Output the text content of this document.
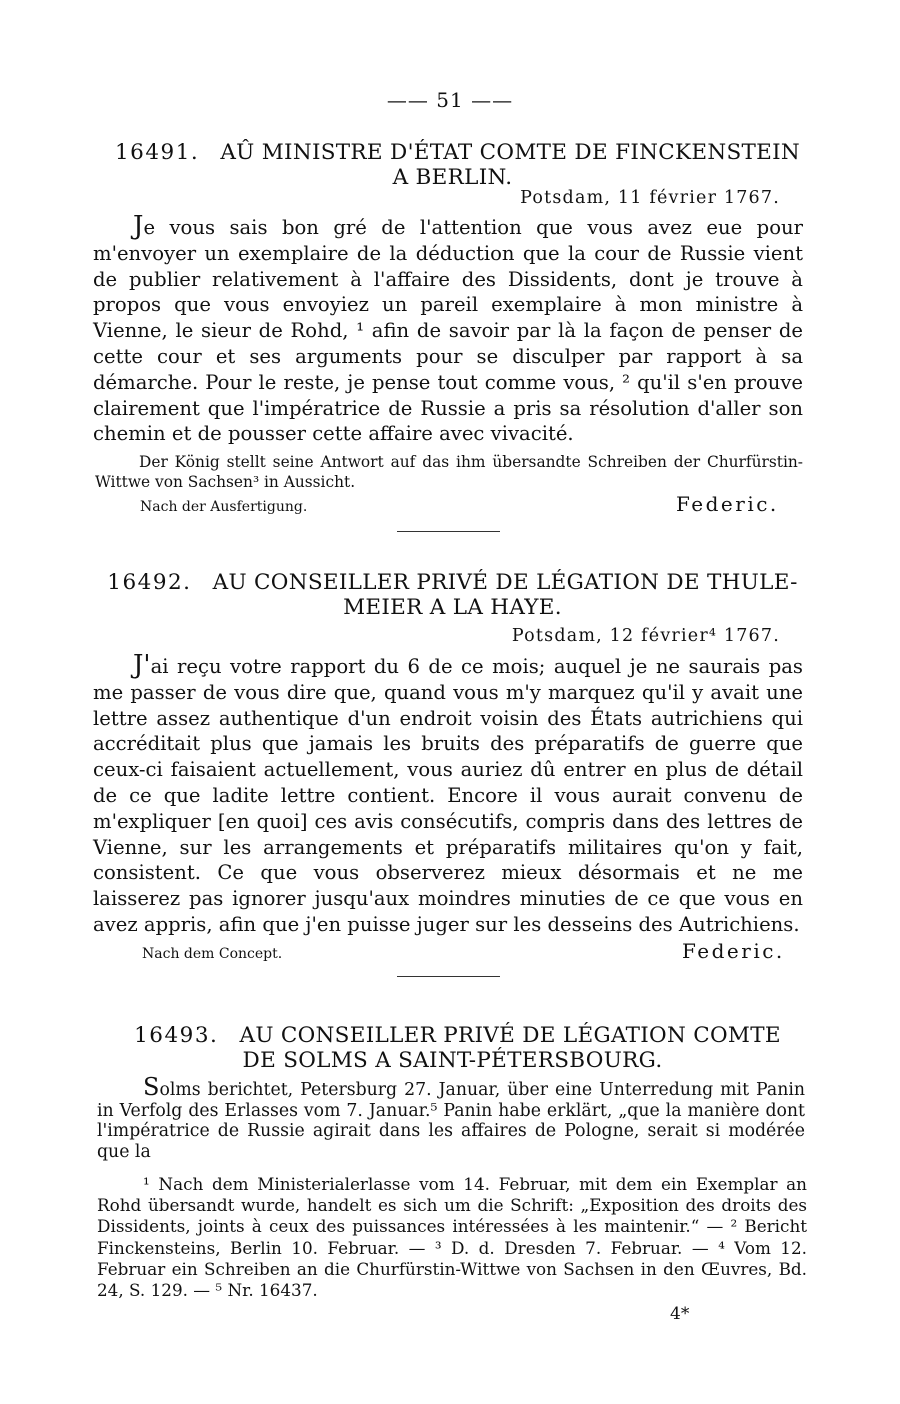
—— 51 ——
16491. AÛ MINISTRE D'ÉTAT COMTE DE FINCKENSTEIN
A BERLIN.
Potsdam, 11 février 1767.
Je vous sais bon gré de l'attention que vous avez eue pour m'envoyer un exemplaire de la déduction que la cour de Russie vient de publier relativement à l'affaire des Dissidents, dont je trouve à propos que vous envoyiez un pareil exemplaire à mon ministre à Vienne, le sieur de Rohd, ¹ afin de savoir par là la façon de penser de cette cour et ses arguments pour se disculper par rapport à sa démarche. Pour le reste, je pense tout comme vous, ² qu'il s'en prouve clairement que l'impératrice de Russie a pris sa résolution d'aller son chemin et de pousser cette affaire avec vivacité.
Der König stellt seine Antwort auf das ihm übersandte Schreiben der Churfürstin-Wittwe von Sachsen³ in Aussicht.
Nach der Ausfertigung.	Federic.
16492. AU CONSEILLER PRIVÉ DE LÉGATION DE THULE-
MEIER A LA HAYE.
Potsdam, 12 février⁴ 1767.
J'ai reçu votre rapport du 6 de ce mois; auquel je ne saurais pas me passer de vous dire que, quand vous m'y marquez qu'il y avait une lettre assez authentique d'un endroit voisin des États autrichiens qui accréditait plus que jamais les bruits des préparatifs de guerre que ceux-ci faisaient actuellement, vous auriez dû entrer en plus de détail de ce que ladite lettre contient. Encore il vous aurait convenu de m'expliquer [en quoi] ces avis consécutifs, compris dans des lettres de Vienne, sur les arrangements et préparatifs militaires qu'on y fait, consistent. Ce que vous observerez mieux désormais et ne me laisserez pas ignorer jusqu'aux moindres minuties de ce que vous en avez appris, afin que j'en puisse juger sur les desseins des Autrichiens.
Nach dem Concept.	Federic.
16493. AU CONSEILLER PRIVÉ DE LÉGATION COMTE
DE SOLMS A SAINT-PÉTERSBOURG.
Solms berichtet, Petersburg 27. Januar, über eine Unterredung mit Panin in Verfolg des Erlasses vom 7. Januar.⁵ Panin habe erklärt, „que la manière dont l'impératrice de Russie agirait dans les affaires de Pologne, serait si modérée que la
¹ Nach dem Ministerialerlasse vom 14. Februar, mit dem ein Exemplar an Rohd übersandt wurde, handelt es sich um die Schrift: „Exposition des droits des Dissidents, joints à ceux des puissances intéressées à les maintenir.“ — ² Bericht Finckensteins, Berlin 10. Februar. — ³ D. d. Dresden 7. Februar. — ⁴ Vom 12. Februar ein Schreiben an die Churfürstin-Wittwe von Sachsen in den Œuvres, Bd. 24, S. 129. — ⁵ Nr. 16437.
4*
